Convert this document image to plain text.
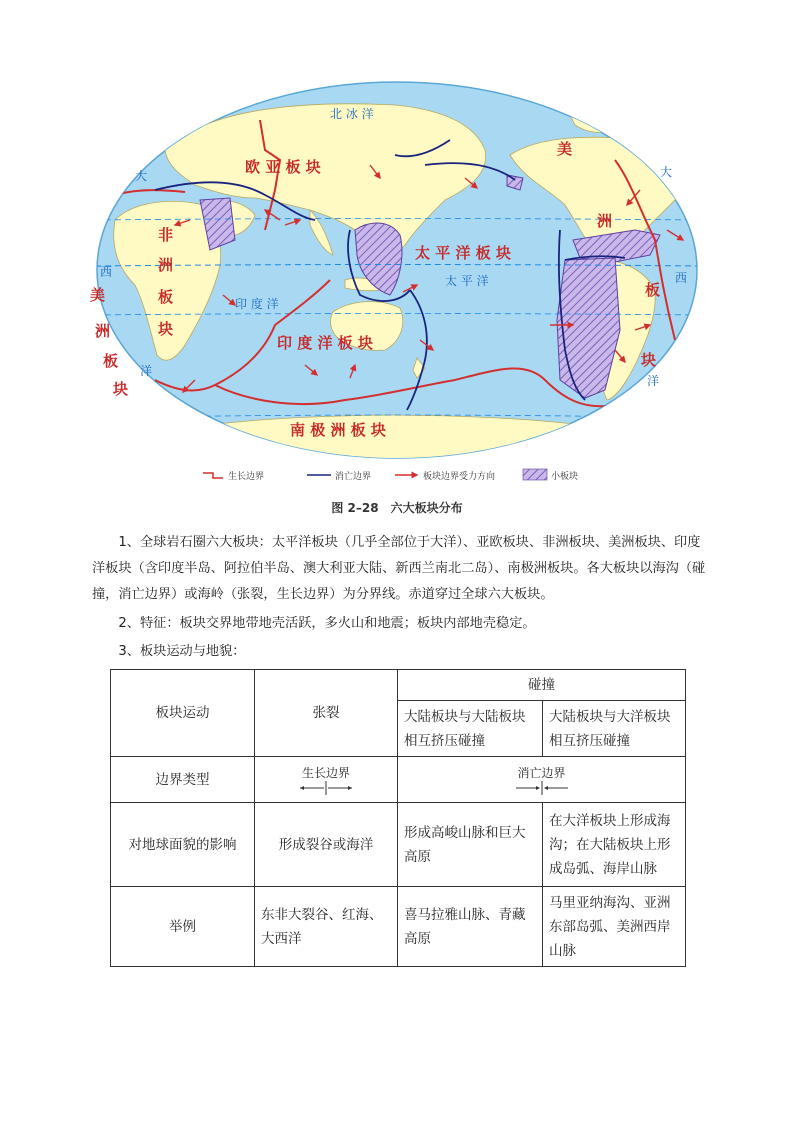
欧 亚 板 块
太 平 洋 板 块
非
洲
板
块
美
洲
板
块
美
洲
板
块
印 度 洋 板 块
南 极 洲 板 块
北 冰 洋
太 平 洋
印 度 洋
大
西
洋
大
西
洋
生长边界	消亡边界	板块边界受力方向	小板块
图 2–28　六大板块分布
1、全球岩石圈六大板块：太平洋板块（几乎全部位于大洋）、亚欧板块、非洲板块、美洲板块、印度洋板块（含印度半岛、阿拉伯半岛、澳大利亚大陆、新西兰南北二岛）、南极洲板块。各大板块以海沟（碰撞，消亡边界）或海岭（张裂，生长边界）为分界线。赤道穿过全球六大板块。
2、特征：板块交界地带地壳活跃，多火山和地震；板块内部地壳稳定。
3、板块运动与地貌：
板块运动	张裂	碰撞	
		大陆板块与大陆板块相互挤压碰撞	大陆板块与大洋板块相互挤压碰撞
边界类型	生长边界	消亡边界	

对地球面貌的影响	形成裂谷或海洋	形成高峻山脉和巨大高原	在大洋板块上形成海沟；在大陆板块上形成岛弧、海岸山脉
举例	东非大裂谷、红海、大西洋	喜马拉雅山脉、青藏高原	马里亚纳海沟、亚洲东部岛弧、美洲西岸山脉
